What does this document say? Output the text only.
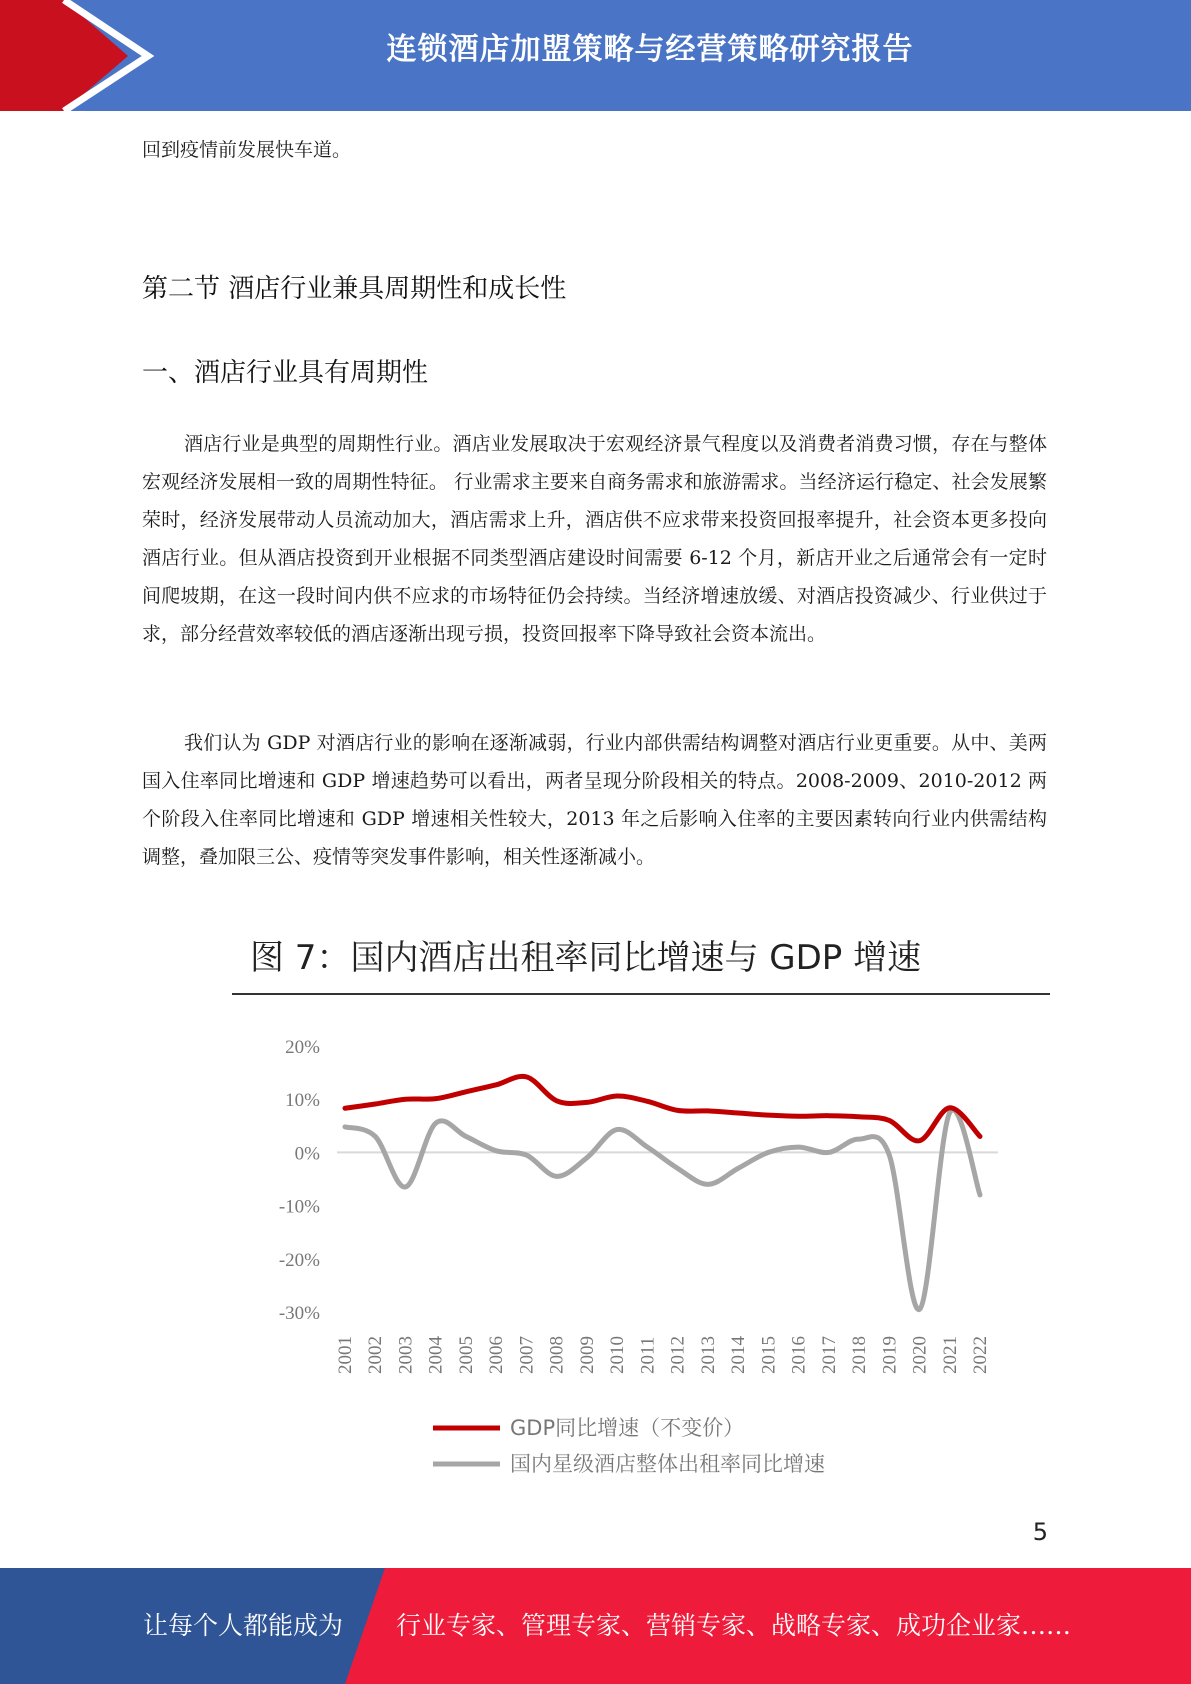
连锁酒店加盟策略与经营策略研究报告
回到疫情前发展快车道。
第二节 酒店行业兼具周期性和成长性
一、酒店行业具有周期性
酒店行业是典型的周期性行业。酒店业发展取决于宏观经济景气程度以及消费者消费习惯，存在与整体宏观经济发展相一致的周期性特征。 行业需求主要来自商务需求和旅游需求。当经济运行稳定、社会发展繁荣时，经济发展带动人员流动加大，酒店需求上升，酒店供不应求带来投资回报率提升，社会资本更多投向酒店行业。但从酒店投资到开业根据不同类型酒店建设时间需要 6-12 个月，新店开业之后通常会有一定时间爬坡期，在这一段时间内供不应求的市场特征仍会持续。当经济增速放缓、对酒店投资减少、行业供过于求，部分经营效率较低的酒店逐渐出现亏损，投资回报率下降导致社会资本流出。
我们认为 GDP 对酒店行业的影响在逐渐减弱，行业内部供需结构调整对酒店行业更重要。从中、美两国入住率同比增速和 GDP 增速趋势可以看出，两者呈现分阶段相关的特点。2008-2009、2010-2012 两个阶段入住率同比增速和 GDP 增速相关性较大，2013 年之后影响入住率的主要因素转向行业内供需结构调整，叠加限三公、疫情等突发事件影响，相关性逐渐减小。
图 7：国内酒店出租率同比增速与 GDP 增速
20%
10%
0%
-10%
-20%
-30%
2001 2002 2003 2004 2005 2006 2007 2008 2009 2010 2011 2012 2013 2014 2015 2016 2017 2018 2019 2020 2021 2022
GDP同比增速（不变价）
国内星级酒店整体出租率同比增速
5
让每个人都能成为 行业专家、管理专家、营销专家、战略专家、成功企业家……
